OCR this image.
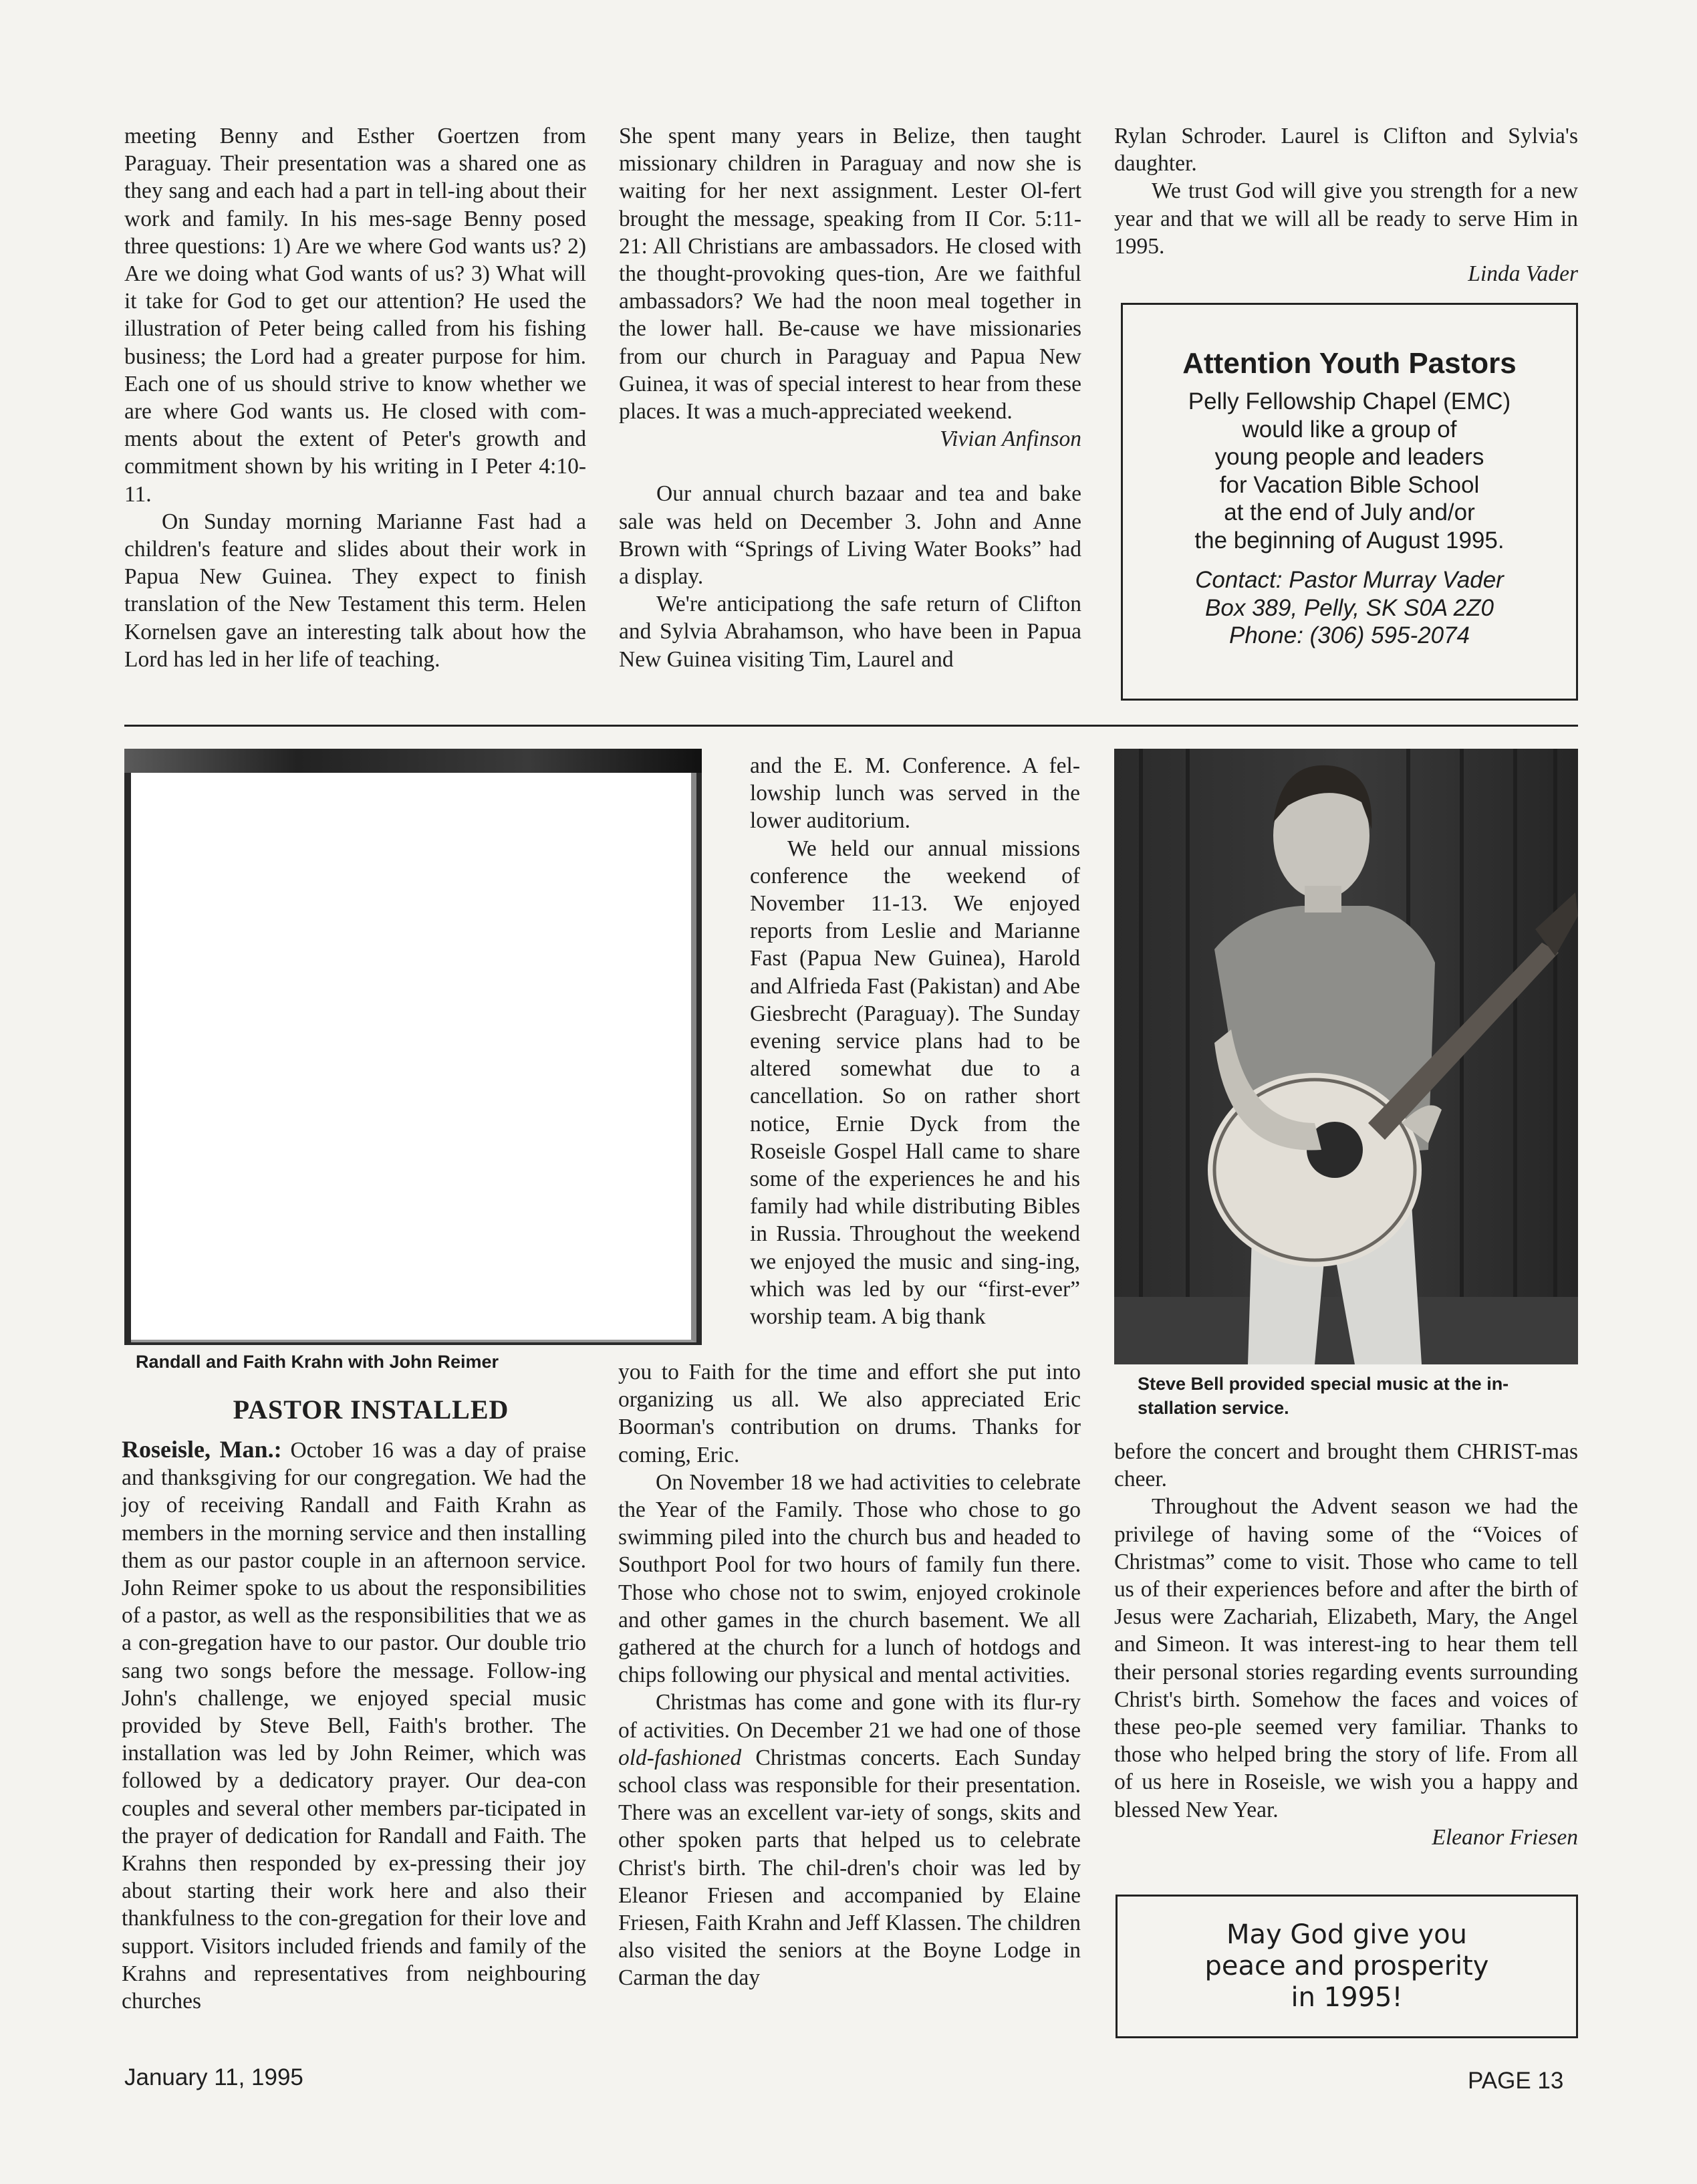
meeting Benny and Esther Goertzen from Paraguay. Their presentation was a shared one as they sang and each had a part in tell-ing about their work and family. In his mes-sage Benny posed three questions: 1) Are we where God wants us? 2) Are we doing what God wants of us? 3) What will it take for God to get our attention? He used the illustration of Peter being called from his fishing business; the Lord had a greater purpose for him. Each one of us should strive to know whether we are where God wants us. He closed with com-ments about the extent of Peter's growth and commitment shown by his writing in I Peter 4:10-11.

On Sunday morning Marianne Fast had a children's feature and slides about their work in Papua New Guinea. They expect to finish translation of the New Testament this term. Helen Kornelsen gave an interesting talk about how the Lord has led in her life of teaching.

She spent many years in Belize, then taught missionary children in Paraguay and now she is waiting for her next assignment. Lester Ol-fert brought the message, speaking from II Cor. 5:11-21: All Christians are ambassadors. He closed with the thought-provoking ques-tion, Are we faithful ambassadors? We had the noon meal together in the lower hall. Be-cause we have missionaries from our church in Paraguay and Papua New Guinea, it was of special interest to hear from these places. It was a much-appreciated weekend.

Vivian Anfinson

Our annual church bazaar and tea and bake sale was held on December 3. John and Anne Brown with “Springs of Living Water Books” had a display.

We're anticipationg the safe return of Clifton and Sylvia Abrahamson, who have been in Papua New Guinea visiting Tim, Laurel and

Rylan Schroder. Laurel is Clifton and Sylvia's daughter.

We trust God will give you strength for a new year and that we will all be ready to serve Him in 1995.

Linda Vader

Attention Youth Pastors
Pelly Fellowship Chapel (EMC)
would like a group of
young people and leaders
for Vacation Bible School
at the end of July and/or
the beginning of August 1995.
Contact: Pastor Murray Vader
Box 389, Pelly, SK S0A 2Z0
Phone: (306) 595-2074
Randall and Faith Krahn with John Reimer
PASTOR INSTALLED

Roseisle, Man.: October 16 was a day of praise and thanksgiving for our congregation. We had the joy of receiving Randall and Faith Krahn as members in the morning service and then installing them as our pastor couple in an afternoon service. John Reimer spoke to us about the responsibilities of a pastor, as well as the responsibilities that we as a con-gregation have to our pastor. Our double trio sang two songs before the message. Follow-ing John's challenge, we enjoyed special music provided by Steve Bell, Faith's brother. The installation was led by John Reimer, which was followed by a dedicatory prayer. Our dea-con couples and several other members par-ticipated in the prayer of dedication for Randall and Faith. The Krahns then responded by ex-pressing their joy about starting their work here and also their thankfulness to the con-gregation for their love and support. Visitors included friends and family of the Krahns and representatives from neighbouring churches

and the E. M. Conference. A fel-lowship lunch was served in the lower auditorium.

We held our annual missions conference the weekend of November 11-13. We enjoyed reports from Leslie and Marianne Fast (Papua New Guinea), Harold and Alfrieda Fast (Pakistan) and Abe Giesbrecht (Paraguay). The Sunday evening service plans had to be altered somewhat due to a cancellation. So on rather short notice, Ernie Dyck from the Roseisle Gospel Hall came to share some of the experiences he and his family had while distributing Bibles in Russia. Throughout the weekend we enjoyed the music and sing-ing, which was led by our “first-ever” worship team. A big thank

you to Faith for the time and effort she put into organizing us all. We also appreciated Eric Boorman's contribution on drums. Thanks for coming, Eric.

On November 18 we had activities to celebrate the Year of the Family. Those who chose to go swimming piled into the church bus and headed to Southport Pool for two hours of family fun there. Those who chose not to swim, enjoyed crokinole and other games in the church basement. We all gathered at the church for a lunch of hotdogs and chips following our physical and mental activities.

Christmas has come and gone with its flur-ry of activities. On December 21 we had one of those old-fashioned Christmas concerts. Each Sunday school class was responsible for their presentation. There was an excellent var-iety of songs, skits and other spoken parts that helped us to celebrate Christ's birth. The chil-dren's choir was led by Eleanor Friesen and accompanied by Elaine Friesen, Faith Krahn and Jeff Klassen. The children also visited the seniors at the Boyne Lodge in Carman the day

Steve Bell provided special music at the in-stallation service.

before the concert and brought them CHRIST-mas cheer.

Throughout the Advent season we had the privilege of having some of the “Voices of Christmas” come to visit. Those who came to tell us of their experiences before and after the birth of Jesus were Zachariah, Elizabeth, Mary, the Angel and Simeon. It was interest-ing to hear them tell their personal stories regarding events surrounding Christ's birth. Somehow the faces and voices of these peo-ple seemed very familiar. Thanks to those who helped bring the story of life. From all of us here in Roseisle, we wish you a happy and blessed New Year.

Eleanor Friesen

May God give you
peace and prosperity
in 1995!
January 11, 1995	PAGE 13
